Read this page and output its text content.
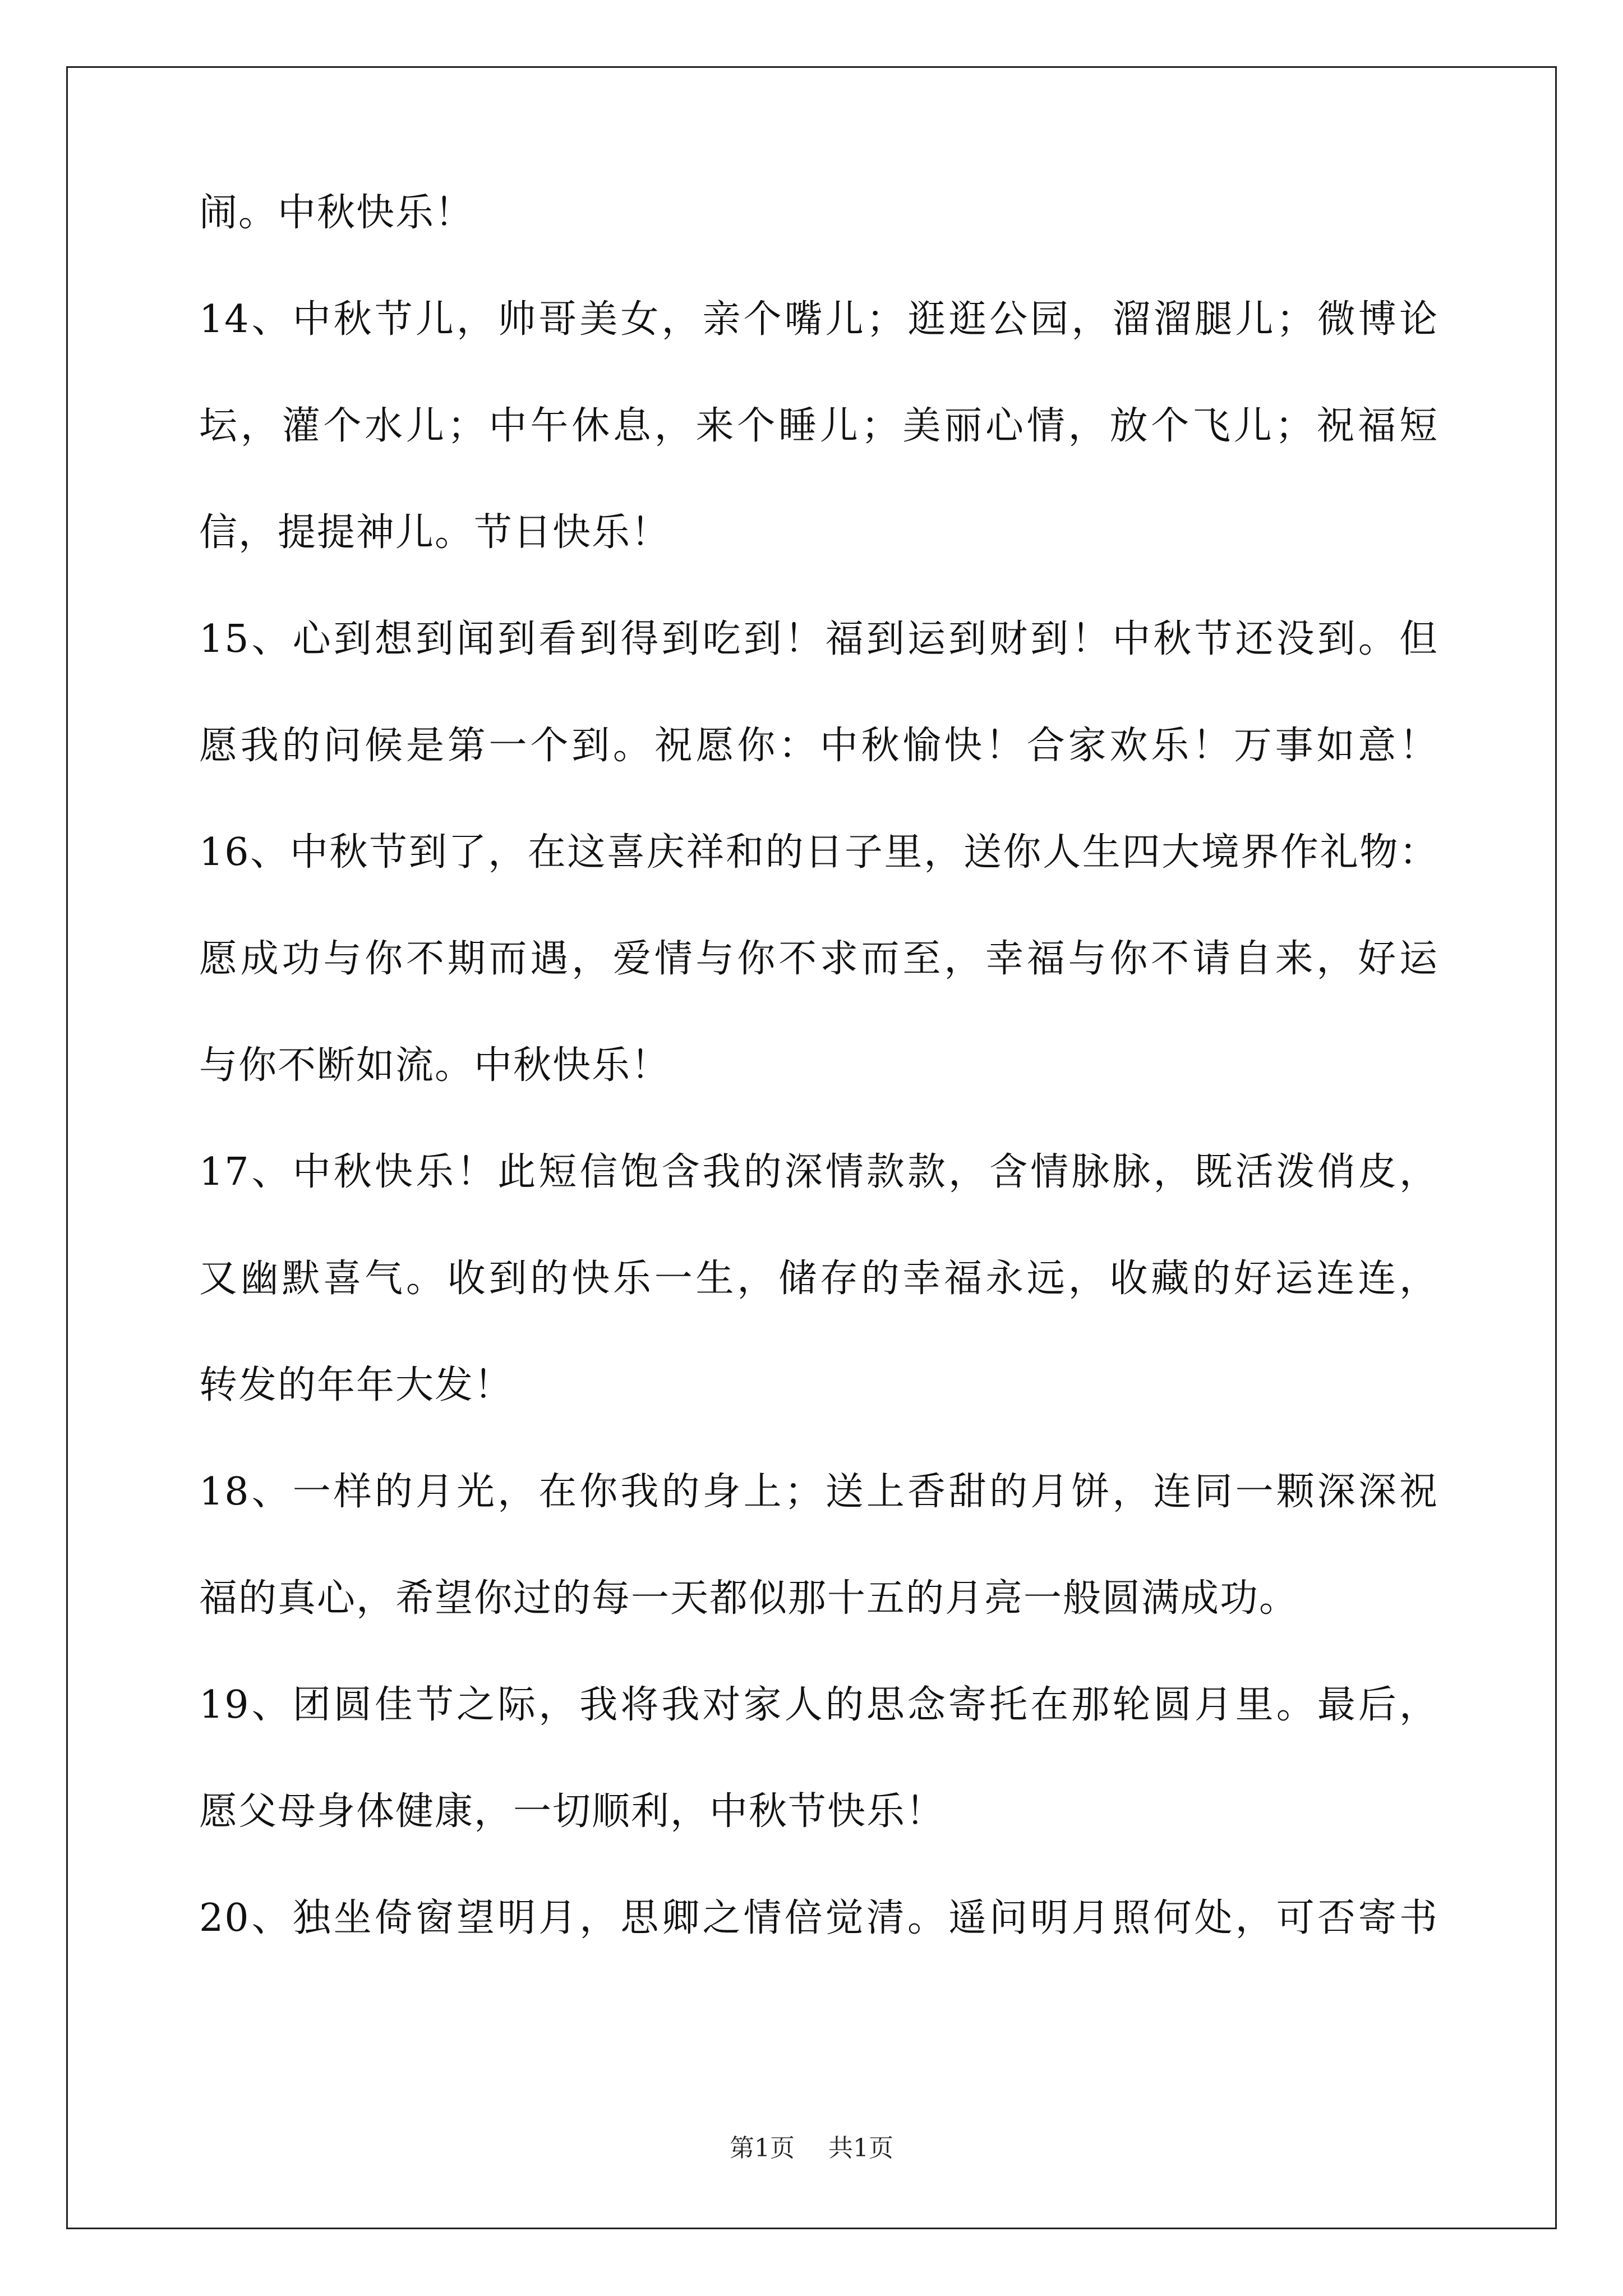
闹。中秋快乐！
14、中秋节儿，帅哥美女，亲个嘴儿；逛逛公园，溜溜腿儿；微博论
坛，灌个水儿；中午休息，来个睡儿；美丽心情，放个飞儿；祝福短
信，提提神儿。节日快乐！
15、心到想到闻到看到得到吃到！福到运到财到！中秋节还没到。但
愿我的问候是第一个到。祝愿你：中秋愉快！合家欢乐！万事如意！
16、中秋节到了，在这喜庆祥和的日子里，送你人生四大境界作礼物：
愿成功与你不期而遇，爱情与你不求而至，幸福与你不请自来，好运
与你不断如流。中秋快乐！
17、中秋快乐！此短信饱含我的深情款款，含情脉脉，既活泼俏皮，
又幽默喜气。收到的快乐一生，储存的幸福永远，收藏的好运连连，
转发的年年大发！
18、一样的月光，在你我的身上；送上香甜的月饼，连同一颗深深祝
福的真心，希望你过的每一天都似那十五的月亮一般圆满成功。
19、团圆佳节之际，我将我对家人的思念寄托在那轮圆月里。最后，
愿父母身体健康，一切顺利，中秋节快乐！
20、独坐倚窗望明月，思卿之情倍觉清。遥问明月照何处，可否寄书
第1页 共1页
